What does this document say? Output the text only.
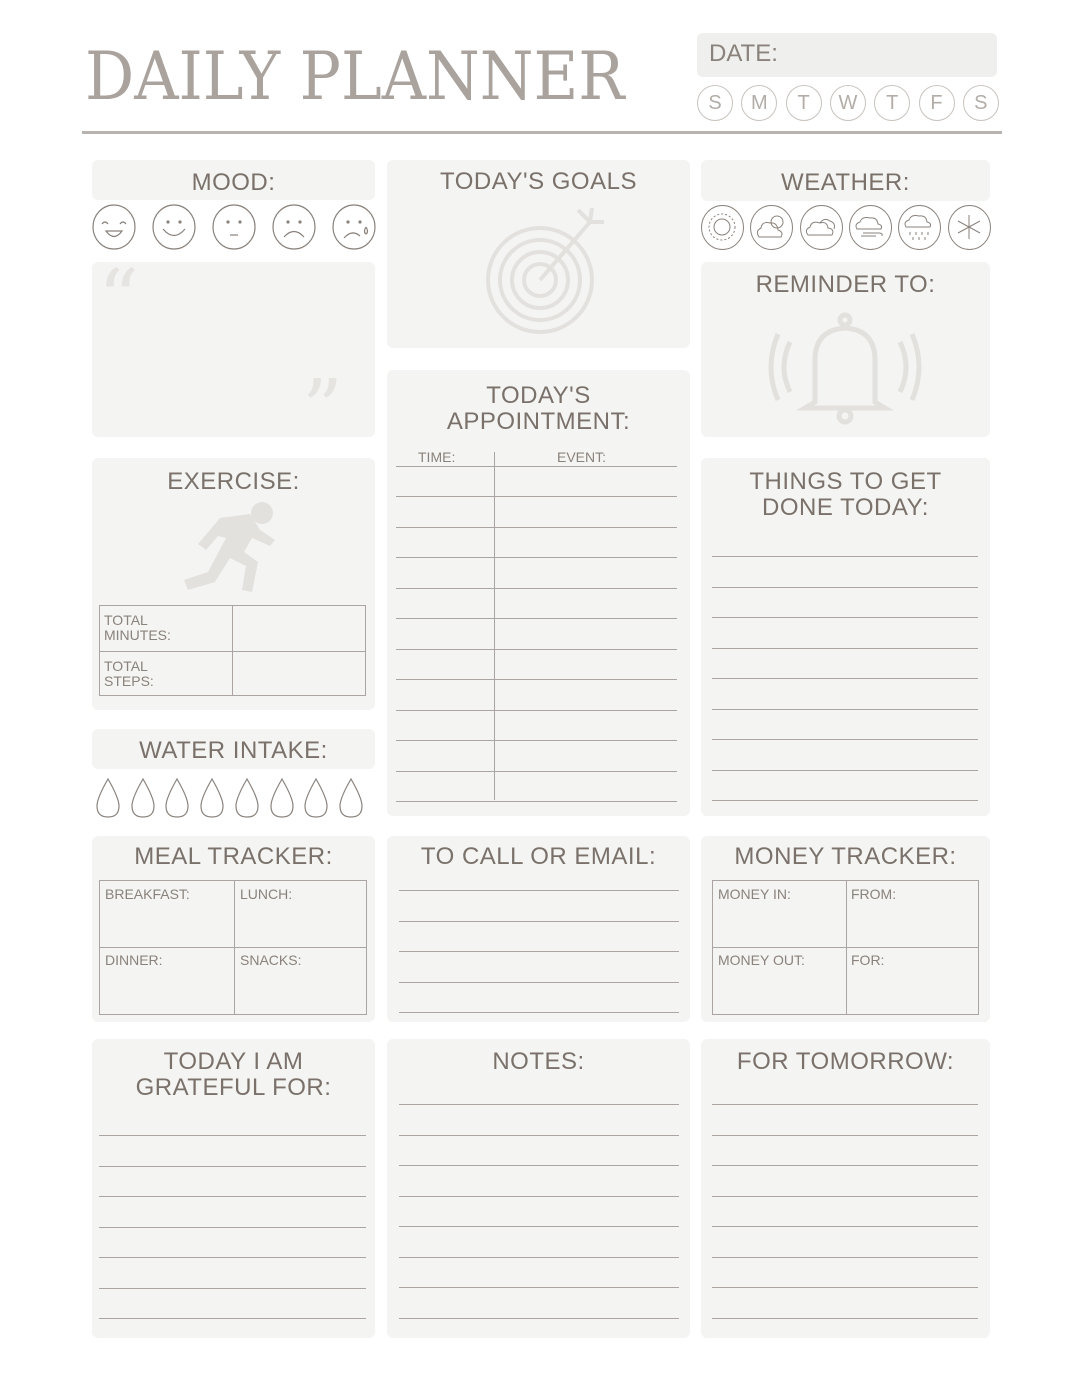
DAILY PLANNER	DATE:
MOOD:
“
”
EXERCISE:
TOTAL MINUTES:
TOTAL STEPS:
WATER INTAKE:
MEAL TRACKER:
BREAKFAST:	LUNCH:
DINNER:	SNACKS:
TODAY I AM
GRATEFUL FOR:
TODAY'S GOALS
TODAY'S
APPOINTMENT:
TIME:	EVENT:
TO CALL OR EMAIL:
NOTES:
WEATHER:
REMINDER TO:
THINGS TO GET
DONE TODAY:
MONEY TRACKER:
MONEY IN:	FROM:
MONEY OUT:	FOR:
FOR TOMORROW:
S	M	T	W	T	F	S
